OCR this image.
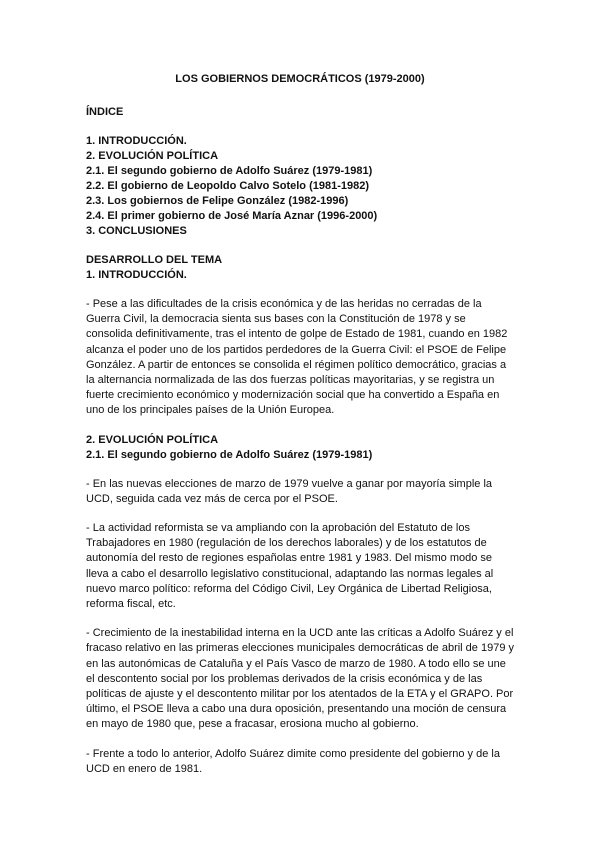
LOS GOBIERNOS DEMOCRÁTICOS (1979-2000)
ÍNDICE
1. INTRODUCCIÓN.
2. EVOLUCIÓN POLÍTICA
2.1. El segundo gobierno de Adolfo Suárez (1979-1981)
2.2. El gobierno de Leopoldo Calvo Sotelo (1981-1982)
2.3. Los gobiernos de Felipe González (1982-1996)
2.4. El primer gobierno de José María Aznar (1996-2000)
3. CONCLUSIONES
DESARROLLO DEL TEMA
1. INTRODUCCIÓN.

- Pese a las dificultades de la crisis económica y de las heridas no cerradas de la Guerra Civil, la democracia sienta sus bases con la Constitución de 1978 y se consolida definitivamente, tras el intento de golpe de Estado de 1981, cuando en 1982 alcanza el poder uno de los partidos perdedores de la Guerra Civil: el PSOE de Felipe González. A partir de entonces se consolida el régimen político democrático, gracias a la alternancia normalizada de las dos fuerzas políticas mayoritarias, y se registra un fuerte crecimiento económico y modernización social que ha convertido a España en uno de los principales países de la Unión Europea.

2. EVOLUCIÓN POLÍTICA
2.1. El segundo gobierno de Adolfo Suárez (1979-1981)

- En las nuevas elecciones de marzo de 1979 vuelve a ganar por mayoría simple la UCD, seguida cada vez más de cerca por el PSOE.

- La actividad reformista se va ampliando con la aprobación del Estatuto de los Trabajadores en 1980 (regulación de los derechos laborales) y de los estatutos de autonomía del resto de regiones españolas entre 1981 y 1983. Del mismo modo se lleva a cabo el desarrollo legislativo constitucional, adaptando las normas legales al nuevo marco político: reforma del Código Civil, Ley Orgánica de Libertad Religiosa, reforma fiscal, etc.

- Crecimiento de la inestabilidad interna en la UCD ante las críticas a Adolfo Suárez y el fracaso relativo en las primeras elecciones municipales democráticas de abril de 1979 y en las autonómicas de Cataluña y el País Vasco de marzo de 1980. A todo ello se une el descontento social por los problemas derivados de la crisis económica y de las políticas de ajuste y el descontento militar por los atentados de la ETA y el GRAPO. Por último, el PSOE lleva a cabo una dura oposición, presentando una moción de censura en mayo de 1980 que, pese a fracasar, erosiona mucho al gobierno.

- Frente a todo lo anterior, Adolfo Suárez dimite como presidente del gobierno y de la UCD en enero de 1981.
